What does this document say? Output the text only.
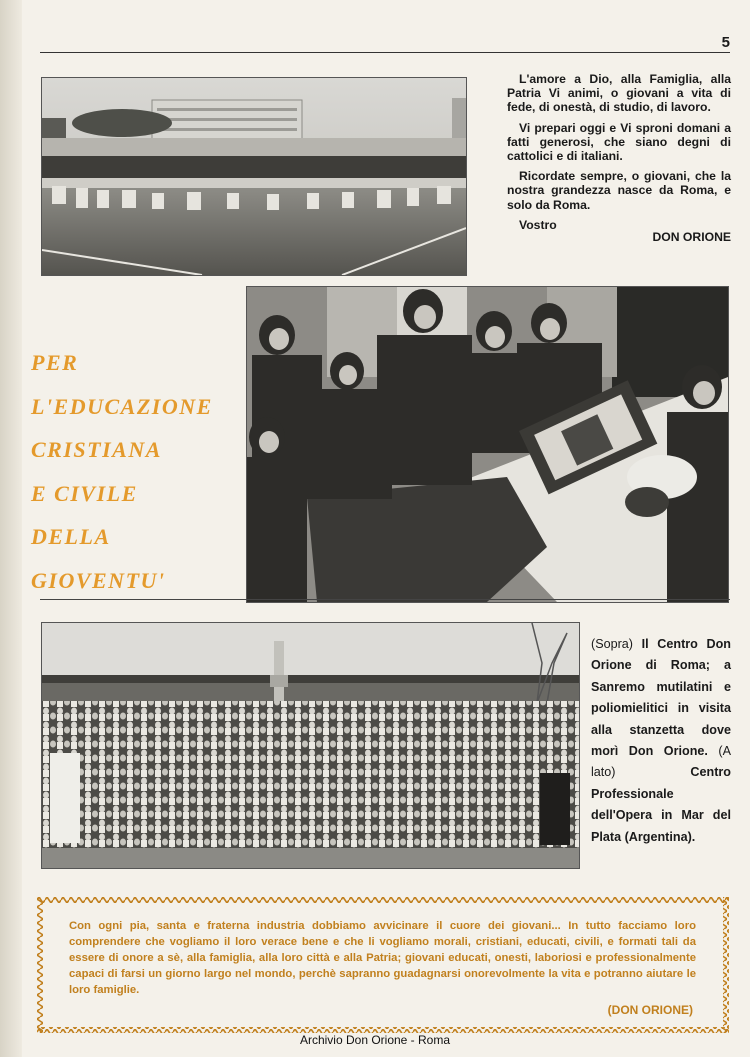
5

L'amore a Dio, alla Famiglia, alla Patria Vi animi, o giovani a vita di fede, di onestà, di studio, di lavoro.

Vi prepari oggi e Vi sproni domani a fatti generosi, che siano degni di cattolici e di italiani.

Ricordate sempre, o giovani, che la nostra grandezza nasce da Roma, e solo da Roma.

Vostro

DON ORIONE
PER
L'EDUCAZIONE
CRISTIANA
E CIVILE
DELLA
GIOVENTU'
(Sopra) Il Centro Don Orione di Roma; a Sanremo mutilatini e poliomielitici in visita alla stanzetta dove morì Don Orione. (A lato)	Centro Professionale dell'Opera in Mar del Plata (Argentina).
Con ogni pia, santa e fraterna industria dobbiamo avvicinare il cuore dei giovani... In tutto facciamo loro comprendere che vogliamo il loro verace bene e che li vogliamo morali, cristiani, educati, civili, e formati tali da essere di onore a sè, alla famiglia, alla loro città e alla Patria; giovani educati, onesti, laboriosi e professionalmente capaci di farsi un giorno largo nel mondo, perchè sapranno guadagnarsi onorevolmente la vita e potranno aiutare le loro famiglie.
(DON ORIONE)
Archivio Don Orione - Roma
